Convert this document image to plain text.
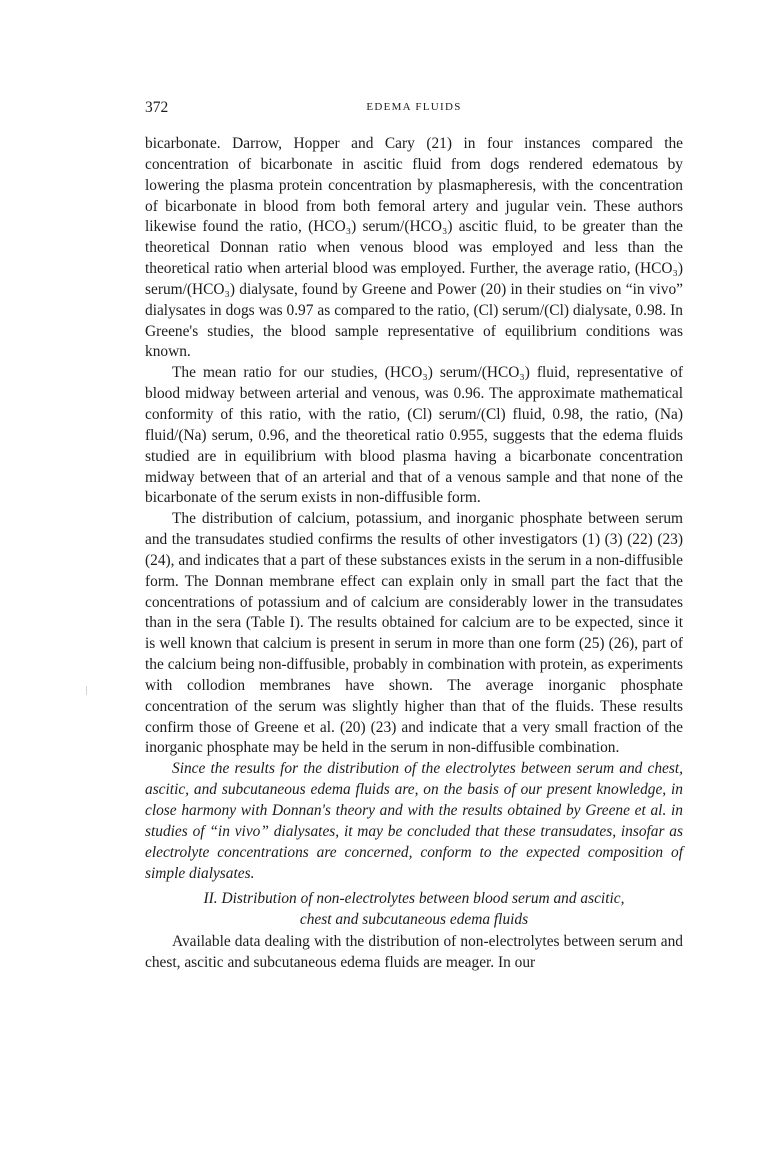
372	EDEMA FLUIDS

bicarbonate. Darrow, Hopper and Cary (21) in four instances compared the concentration of bicarbonate in ascitic fluid from dogs rendered edematous by lowering the plasma protein concentration by plasmapheresis, with the concentration of bicarbonate in blood from both femoral artery and jugular vein. These authors likewise found the ratio, (HCO₃) serum/(HCO₃) ascitic fluid, to be greater than the theoretical Donnan ratio when venous blood was employed and less than the theoretical ratio when arterial blood was employed. Further, the average ratio, (HCO₃) serum/(HCO₃) dialysate, found by Greene and Power (20) in their studies on “in vivo” dialysates in dogs was 0.97 as compared to the ratio, (Cl) serum/(Cl) dialysate, 0.98. In Greene's studies, the blood sample representative of equilibrium conditions was known.

The mean ratio for our studies, (HCO₃) serum/(HCO₃) fluid, representative of blood midway between arterial and venous, was 0.96. The approximate mathematical conformity of this ratio, with the ratio, (Cl) serum/(Cl) fluid, 0.98, the ratio, (Na) fluid/(Na) serum, 0.96, and the theoretical ratio 0.955, suggests that the edema fluids studied are in equilibrium with blood plasma having a bicarbonate concentration midway between that of an arterial and that of a venous sample and that none of the bicarbonate of the serum exists in non-diffusible form.

The distribution of calcium, potassium, and inorganic phosphate between serum and the transudates studied confirms the results of other investigators (1) (3) (22) (23) (24), and indicates that a part of these substances exists in the serum in a non-diffusible form. The Donnan membrane effect can explain only in small part the fact that the concentrations of potassium and of calcium are considerably lower in the transudates than in the sera (Table I). The results obtained for calcium are to be expected, since it is well known that calcium is present in serum in more than one form (25) (26), part of the calcium being non-diffusible, probably in combination with protein, as experiments with collodion membranes have shown. The average inorganic phosphate concentration of the serum was slightly higher than that of the fluids. These results confirm those of Greene et al. (20) (23) and indicate that a very small fraction of the inorganic phosphate may be held in the serum in non-diffusible combination.

Since the results for the distribution of the electrolytes between serum and chest, ascitic, and subcutaneous edema fluids are, on the basis of our present knowledge, in close harmony with Donnan's theory and with the results obtained by Greene et al. in studies of “in vivo” dialysates, it may be concluded that these transudates, insofar as electrolyte concentrations are concerned, conform to the expected composition of simple dialysates.

II. Distribution of non-electrolytes between blood serum and ascitic,
chest and subcutaneous edema fluids

Available data dealing with the distribution of non-electrolytes between serum and chest, ascitic and subcutaneous edema fluids are meager. In our
